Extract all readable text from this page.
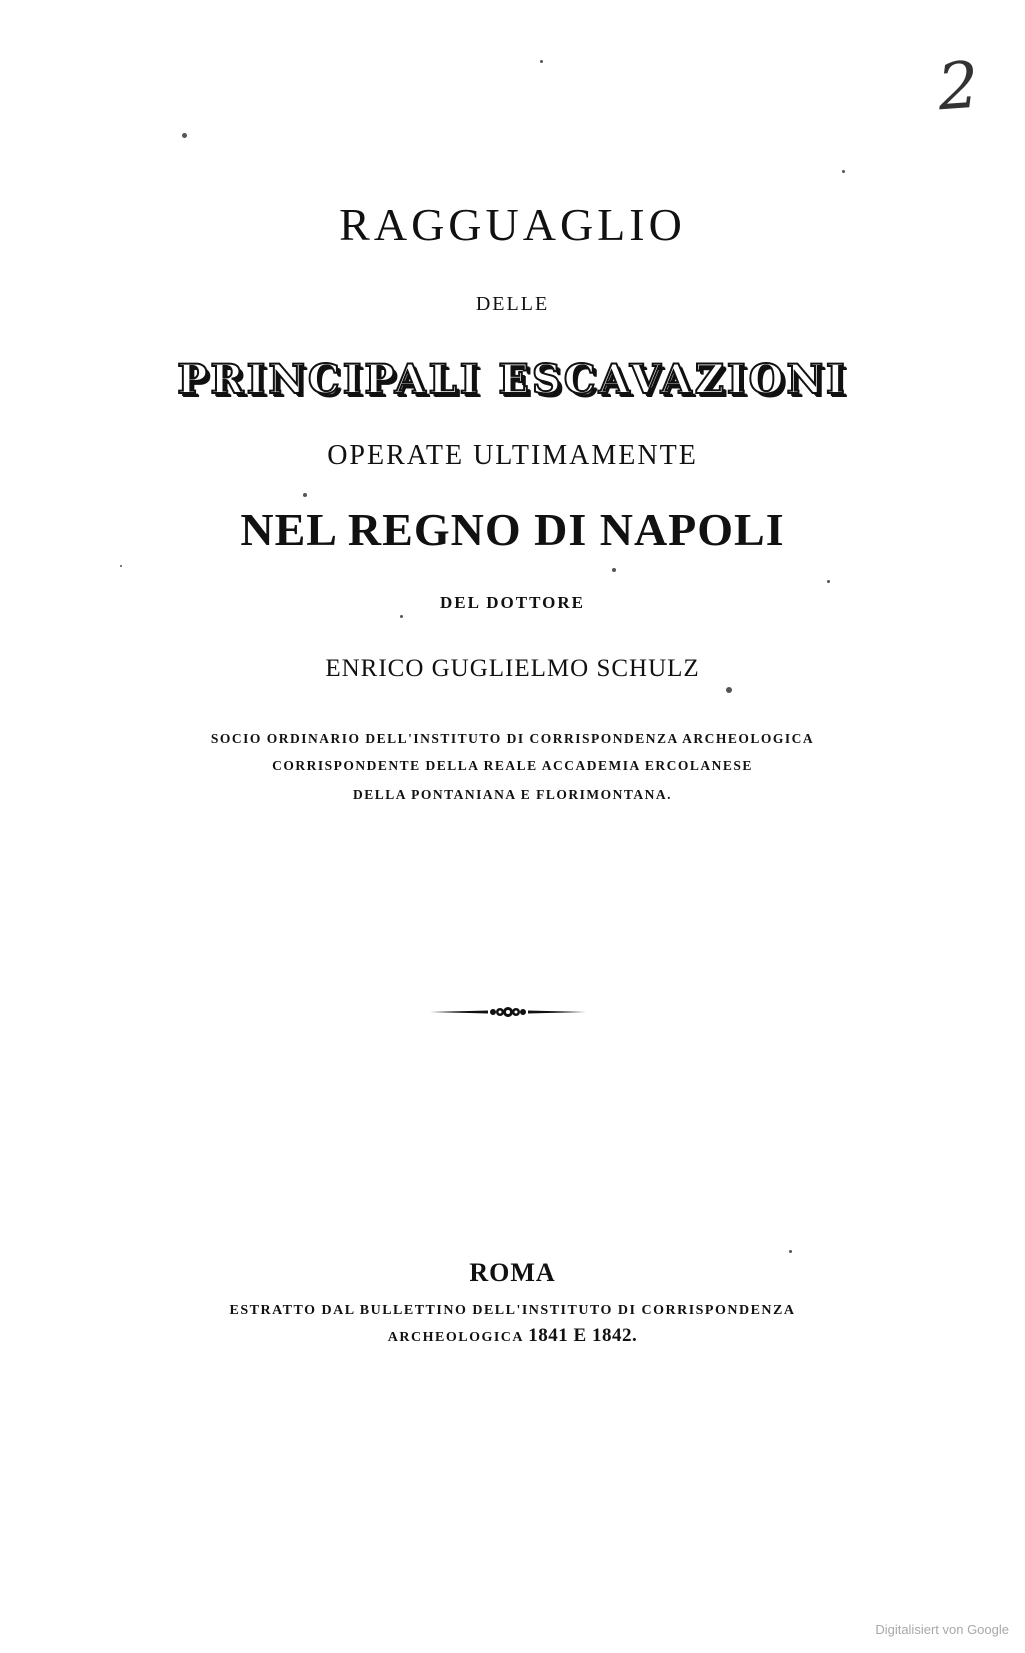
2
RAGGUAGLIO
DELLE
PRINCIPALI ESCAVAZIONI
OPERATE ULTIMAMENTE
NEL REGNO DI NAPOLI
DEL DOTTORE
ENRICO GUGLIELMO SCHULZ
SOCIO ORDINARIO DELL'INSTITUTO DI CORRISPONDENZA ARCHEOLOGICA
CORRISPONDENTE DELLA REALE ACCADEMIA ERCOLANESE
DELLA PONTANIANA E FLORIMONTANA.
ROMA
ESTRATTO DAL BULLETTINO DELL'INSTITUTO DI CORRISPONDENZA
ARCHEOLOGICA 1841 E 1842.
Digitalisiert von Google
